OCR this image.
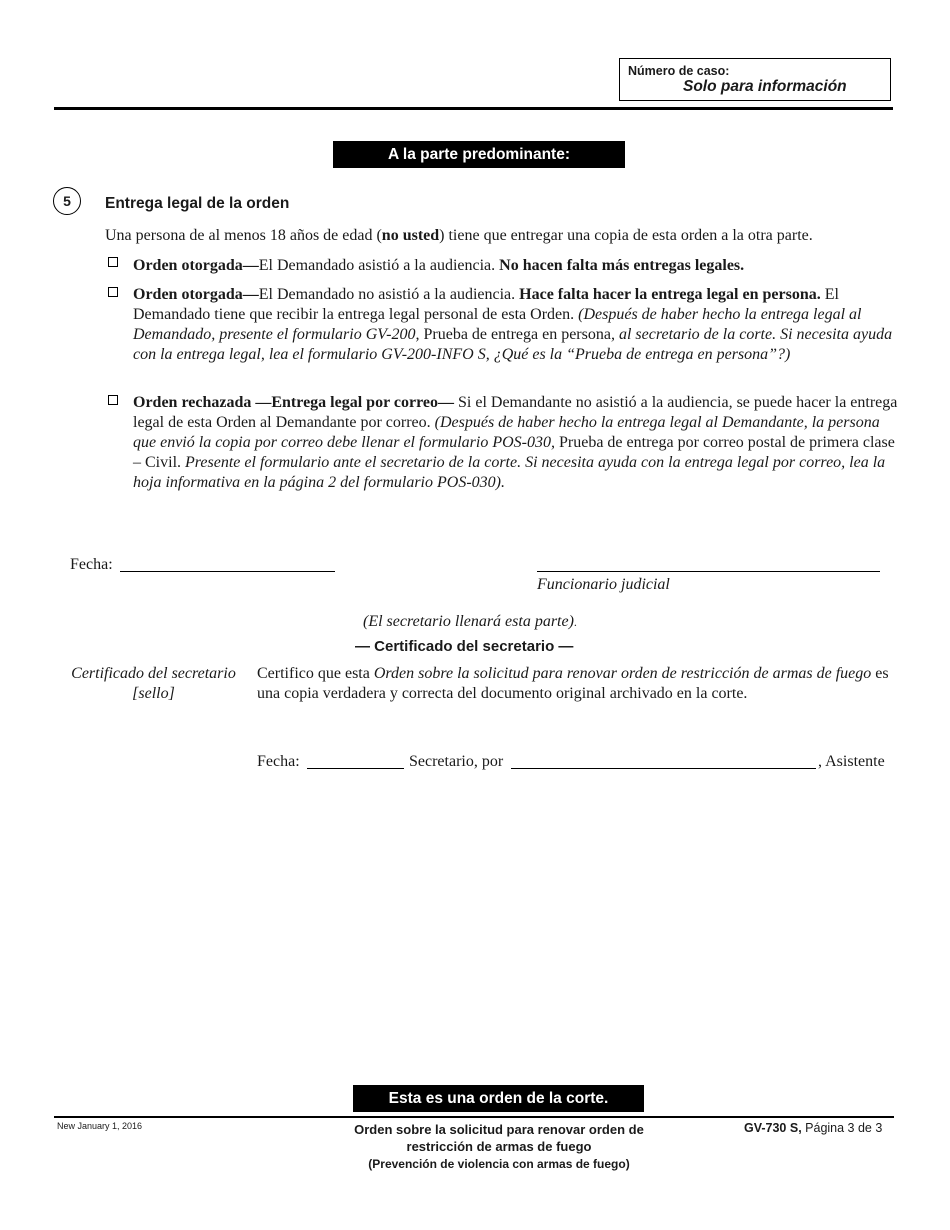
Número de caso:
Solo para información
A la parte predominante:
5	Entrega legal de la orden
Una persona de al menos 18 años de edad (no usted) tiene que entregar una copia de esta orden a la otra parte.
Orden otorgada—El Demandado asistió a la audiencia. No hacen falta más entregas legales.
Orden otorgada—El Demandado no asistió a la audiencia. Hace falta hacer la entrega legal en persona. El Demandado tiene que recibir la entrega legal personal de esta Orden. (Después de haber hecho la entrega legal al Demandado, presente el formulario GV-200, Prueba de entrega en persona, al secretario de la corte. Si necesita ayuda con la entrega legal, lea el formulario GV-200-INFO S, ¿Qué es la “Prueba de entrega en persona”?)
Orden rechazada —Entrega legal por correo— Si el Demandante no asistió a la audiencia, se puede hacer la entrega legal de esta Orden al Demandante por correo. (Después de haber hecho la entrega legal al Demandante, la persona que envió la copia por correo debe llenar el formulario POS-030, Prueba de entrega por correo postal de primera clase – Civil. Presente el formulario ante el secretario de la corte. Si necesita ayuda con la entrega legal por correo, lea la hoja informativa en la página 2 del formulario POS-030).
Fecha:
Funcionario judicial
(El secretario llenará esta parte).
— Certificado del secretario —
Certificado del secretario
[sello]
Certifico que esta Orden sobre la solicitud para renovar orden de restricción de armas de fuego es una copia verdadera y correcta del documento original archivado en la corte.
Fecha:	Secretario, por	, Asistente
Esta es una orden de la corte.
New January 1, 2016	Orden sobre la solicitud para renovar orden de
restricción de armas de fuego
(Prevención de violencia con armas de fuego)
GV-730 S, Página 3 de 3
